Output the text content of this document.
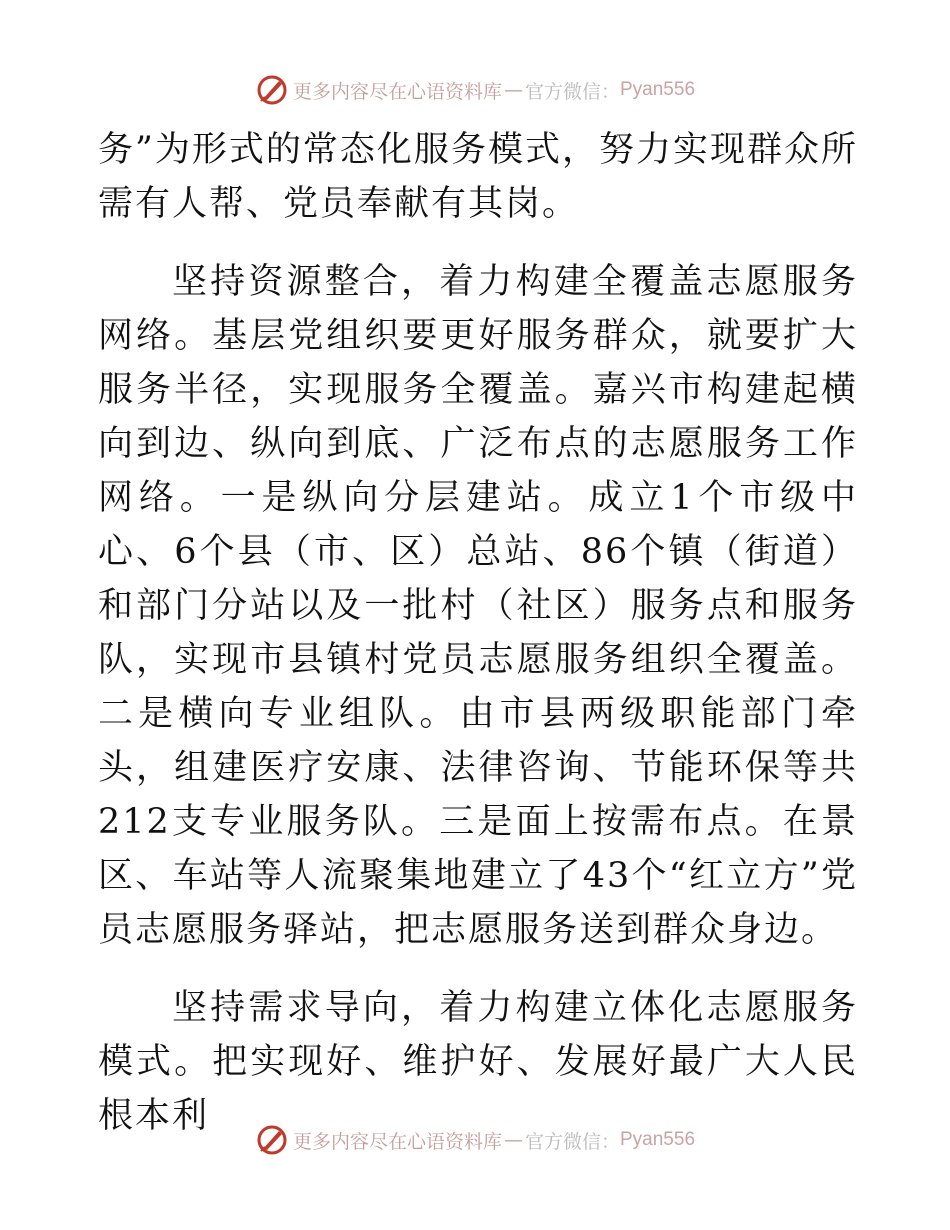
更多内容尽在心语资料库 — 官方微信： Pyan556

务”为形式的常态化服务模式，努力实现群众所需有人帮、党员奉献有其岗。

坚持资源整合，着力构建全覆盖志愿服务网络。基层党组织要更好服务群众，就要扩大服务半径，实现服务全覆盖。嘉兴市构建起横向到边、纵向到底、广泛布点的志愿服务工作网络。一是纵向分层建站。成立1个市级中心、6个县（市、区）总站、86个镇（街道）和部门分站以及一批村（社区）服务点和服务队，实现市县镇村党员志愿服务组织全覆盖。二是横向专业组队。由市县两级职能部门牵头，组建医疗安康、法律咨询、节能环保等共212支专业服务队。三是面上按需布点。在景区、车站等人流聚集地建立了43个“红立方”党员志愿服务驿站，把志愿服务送到群众身边。

坚持需求导向，着力构建立体化志愿服务模式。把实现好、维护好、发展好最广大人民根本利

更多内容尽在心语资料库 — 官方微信： Pyan556
